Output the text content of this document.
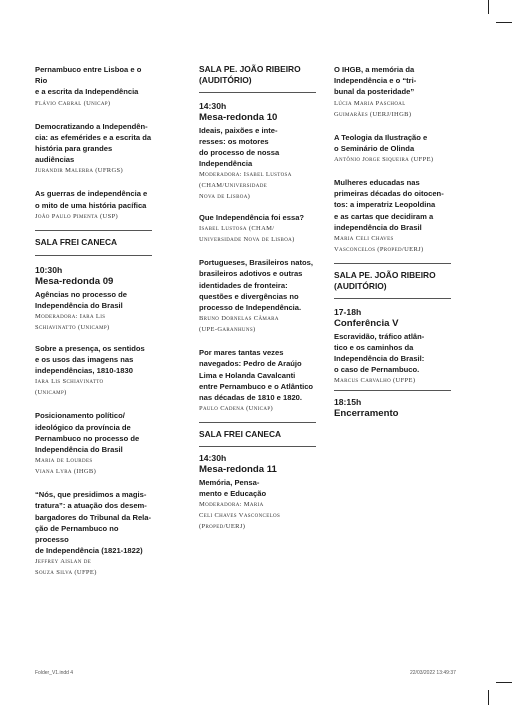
Pernambuco entre Lisboa e o Rio
e a escrita da Independência

Flávio Cabral (Unicap)

Democratizando a Independên-
cia: as efemérides e a escrita da
história para grandes audiências

Jurandir Malerba (UFRGS)

As guerras de independência e
o mito de uma história pacífica

João Paulo Pimenta (USP)

SALA FREI CANECA

10:30h

Mesa-redonda 09

Agências no processo de
Independência do Brasil

Moderadora: Iara Lis
Schiavinatto (Unicamp)

Sobre a presença, os sentidos
e os usos das imagens nas
independências, 1810-1830

Iara Lis Schiavinatto
(Unicamp)

Posicionamento político/
ideológico da província de
Pernambuco no processo de
Independência do Brasil

Maria de Lourdes
Viana Lyra (IHGB)

“Nós, que presidimos a magis-
tratura”: a atuação dos desem-
bargadores do Tribunal da Rela-
ção de Pernambuco no processo
de Independência (1821-1822)

Jeffrey Aislan de
Souza Silva (UFPE)

SALA PE. JOÃO RIBEIRO
(AUDITÓRIO)

14:30h

Mesa-redonda 10

Ideais, paixões e inte-
resses: os motores
do processo de nossa
Independência

Moderadora: Isabel Lustosa
(CHAM/Universidade
Nova de Lisboa)

Que Independência foi essa?

Isabel Lustosa (CHAM/
Universidade Nova de Lisboa)

Portugueses, Brasileiros natos,
brasileiros adotivos e outras
identidades de fronteira:
questões e divergências no
processo de Independência.

Bruno Dornelas Câmara
(UPE-Garanhuns)

Por mares tantas vezes
navegados: Pedro de Araújo
Lima e Holanda Cavalcanti
entre Pernambuco e o Atlântico
nas décadas de 1810 e 1820.

Paulo Cadena (Unicap)

SALA FREI CANECA

14:30h

Mesa-redonda 11

Memória, Pensa-
mento e Educação

Moderadora: Maria
Celi Chaves Vasconcelos
(Proped/UERJ)

O IHGB, a memória da
Independência e o “tri-
bunal da posteridade”

Lúcia Maria Paschoal
Guimarães (UERJ/IHGB)

A Teologia da Ilustração e
o Seminário de Olinda

Antônio Jorge Siqueira (UFPE)

Mulheres educadas nas
primeiras décadas do oitocen-
tos: a imperatriz Leopoldina
e as cartas que decidiram a
independência do Brasil

Maria Celi Chaves
Vasconcelos (Proped/UERJ)

SALA PE. JOÃO RIBEIRO
(AUDITÓRIO)

17-18h

Conferência V

Escravidão, tráfico atlân-
tico e os caminhos da
Independência do Brasil:
o caso de Pernambuco.

Marcus Carvalho (UFPE)

18:15h

Encerramento

Folder_V1.indd 4	22/03/2022 13:49:37
